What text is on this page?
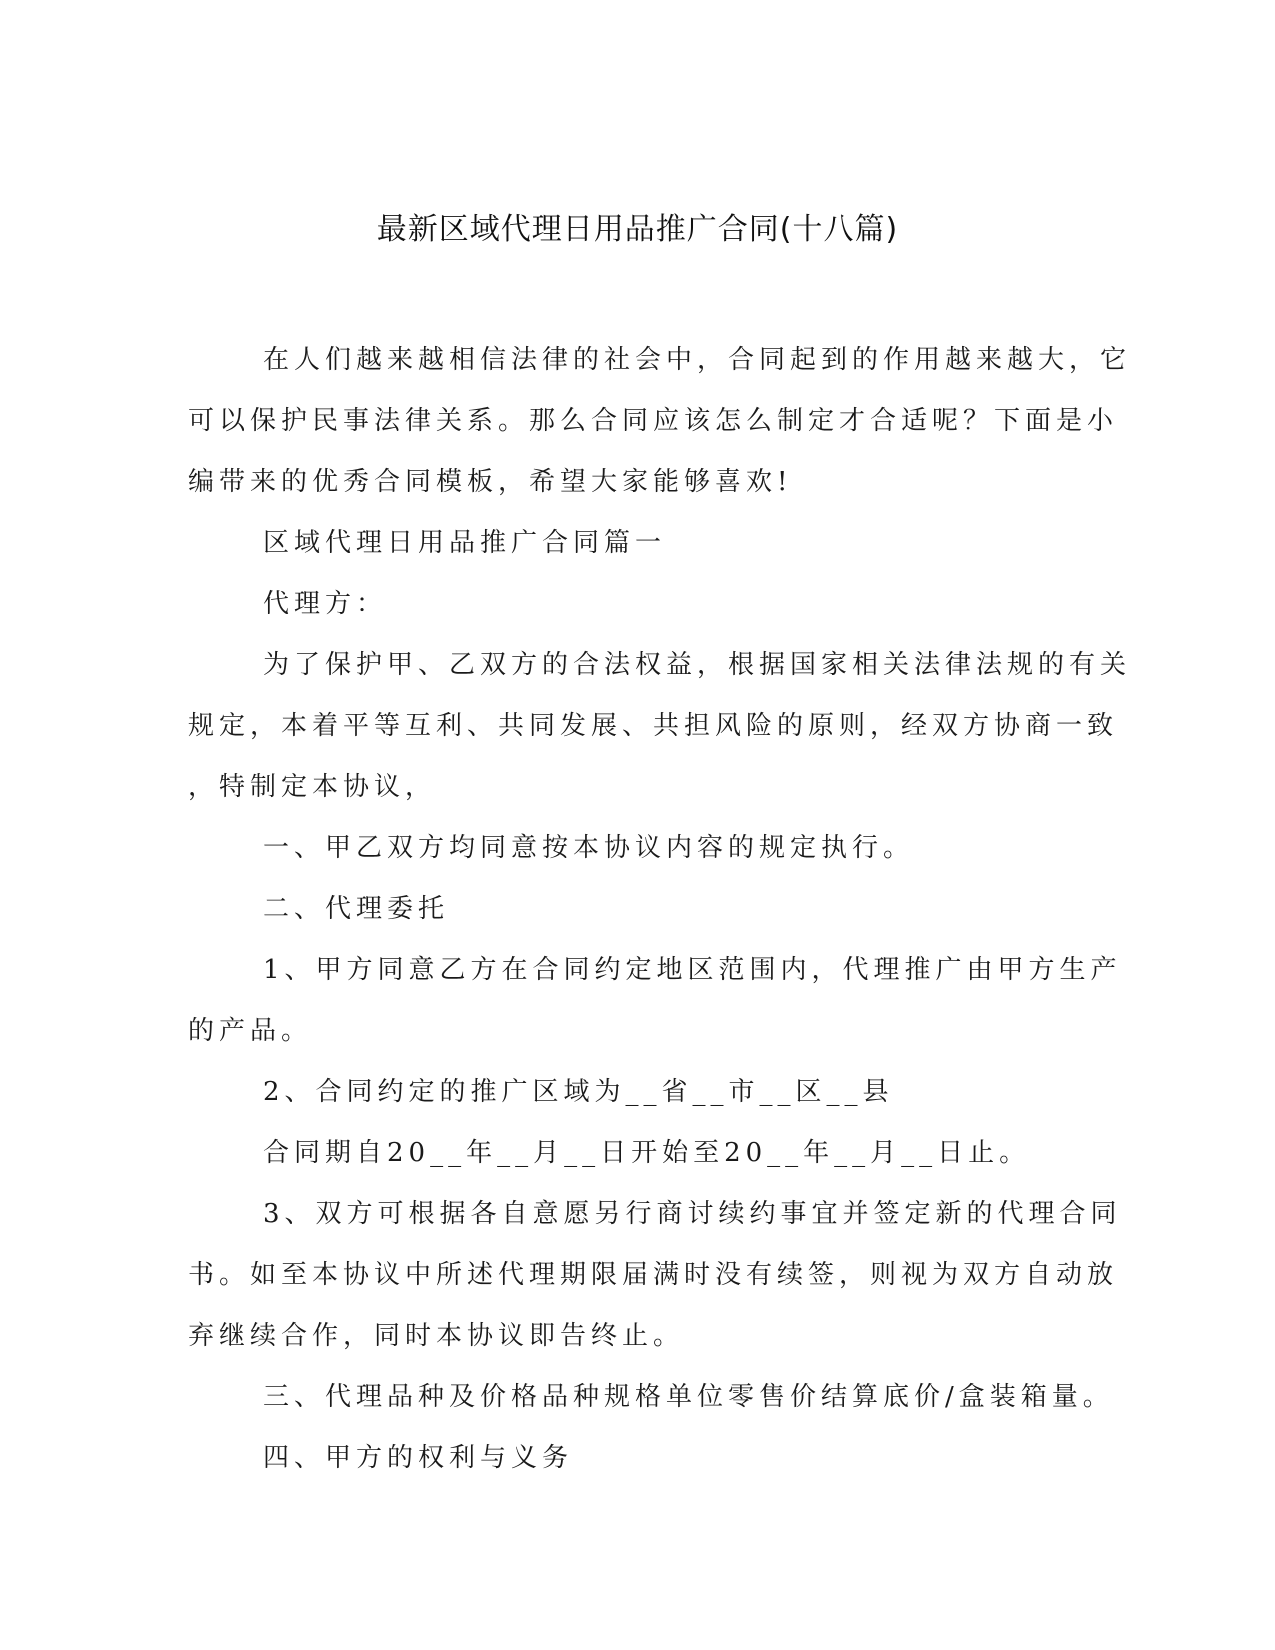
最新区域代理日用品推广合同(十八篇)
在人们越来越相信法律的社会中，合同起到的作用越来越大，它
可以保护民事法律关系。那么合同应该怎么制定才合适呢？下面是小
编带来的优秀合同模板，希望大家能够喜欢!
区域代理日用品推广合同篇一
代理方：
为了保护甲、乙双方的合法权益，根据国家相关法律法规的有关
规定，本着平等互利、共同发展、共担风险的原则，经双方协商一致
，特制定本协议，
一、甲乙双方均同意按本协议内容的规定执行。
二、代理委托
1、甲方同意乙方在合同约定地区范围内，代理推广由甲方生产
的产品。
2、合同约定的推广区域为__省__市__区__县
合同期自20__年__月__日开始至20__年__月__日止。
3、双方可根据各自意愿另行商讨续约事宜并签定新的代理合同
书。如至本协议中所述代理期限届满时没有续签，则视为双方自动放
弃继续合作，同时本协议即告终止。
三、代理品种及价格品种规格单位零售价结算底价/盒装箱量。
四、甲方的权利与义务
